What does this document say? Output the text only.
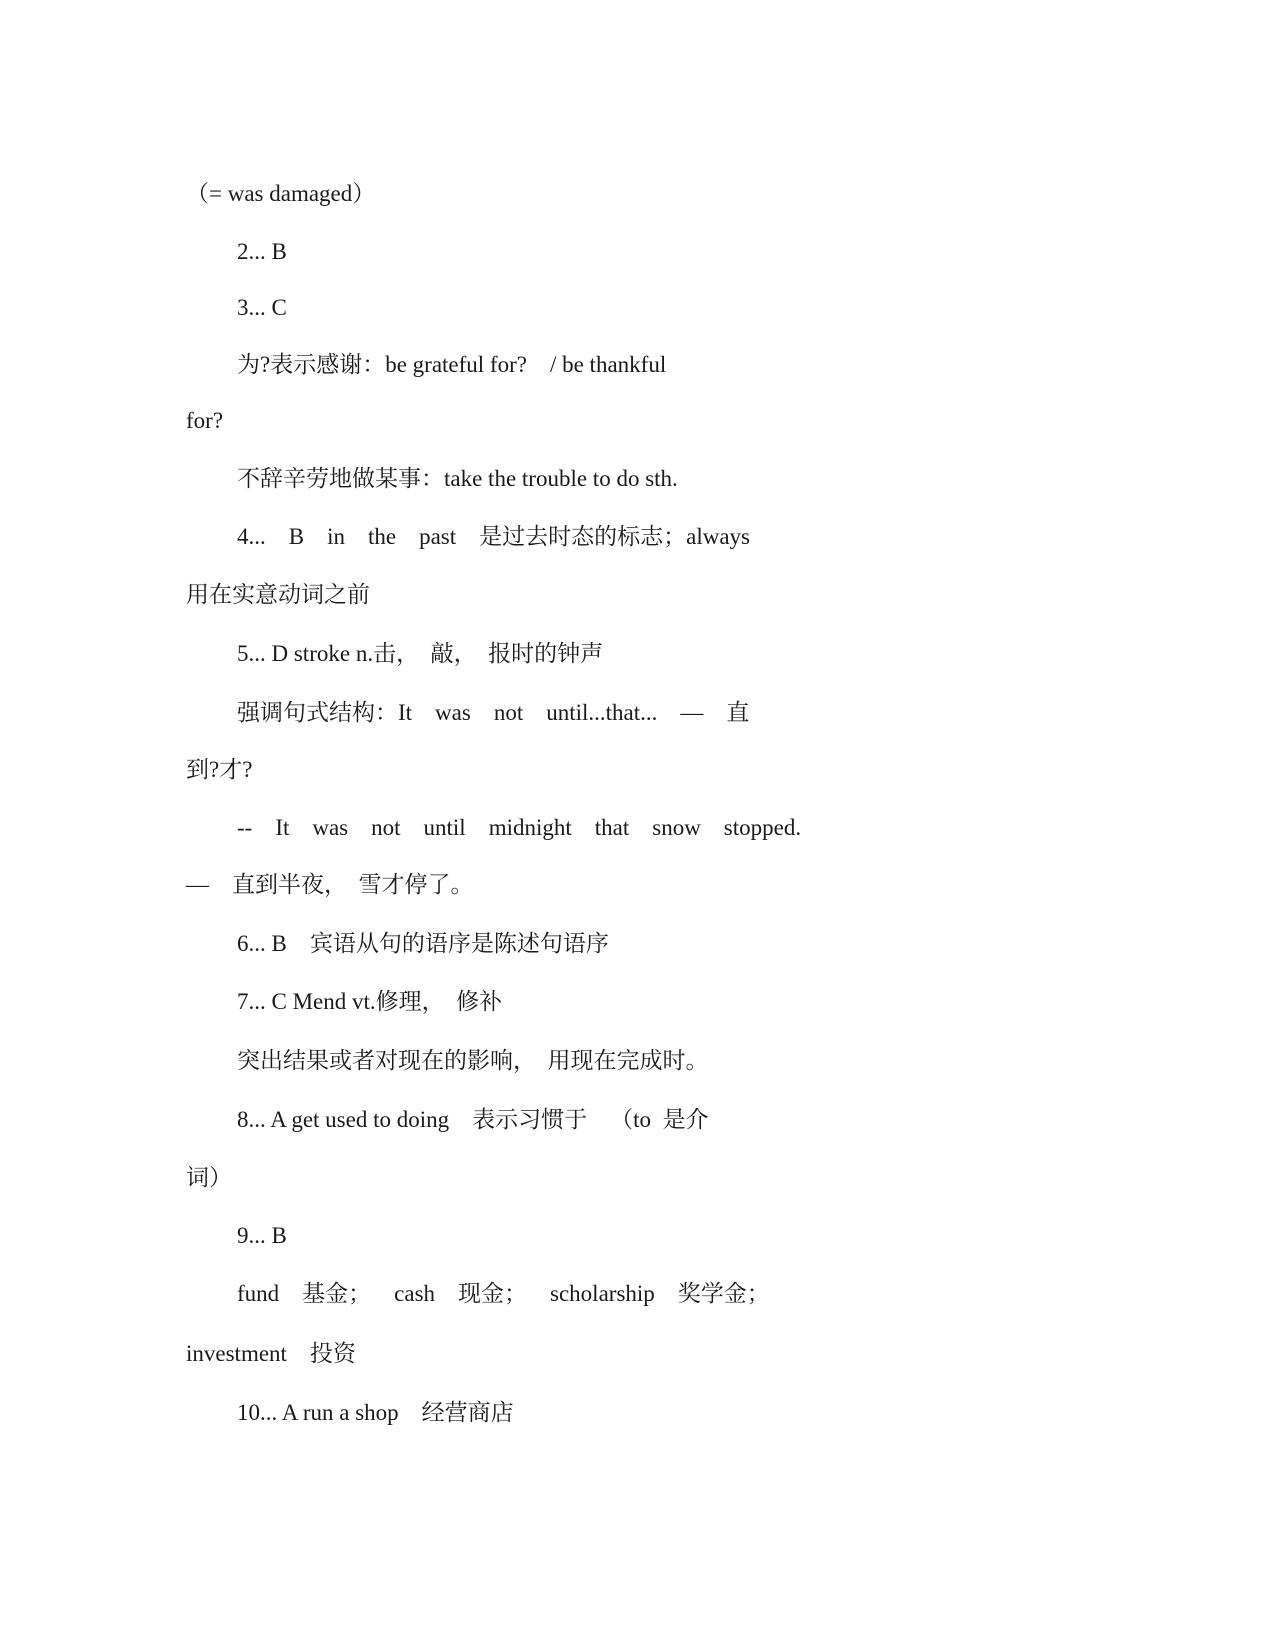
（= was damaged）
2... B
3... C
为?表示感谢：be grateful for?    / be thankful
for?
不辞辛劳地做某事：take the trouble to do sth.
4...    B    in    the    past    是过去时态的标志；always
用在实意动词之前
5... D stroke n.击，  敲，  报时的钟声
强调句式结构：It    was    not    until...that...    —    直
到?才?
--    It    was    not    until    midnight    that    snow    stopped.
—    直到半夜，  雪才停了。
6... B    宾语从句的语序是陈述句语序
7... C Mend vt.修理，  修补
突出结果或者对现在的影响，  用现在完成时。
8... A get used to doing    表示习惯于    （to  是介
词）
9... B
fund    基金；    cash    现金；    scholarship    奖学金；
investment    投资
10... A run a shop    经营商店
